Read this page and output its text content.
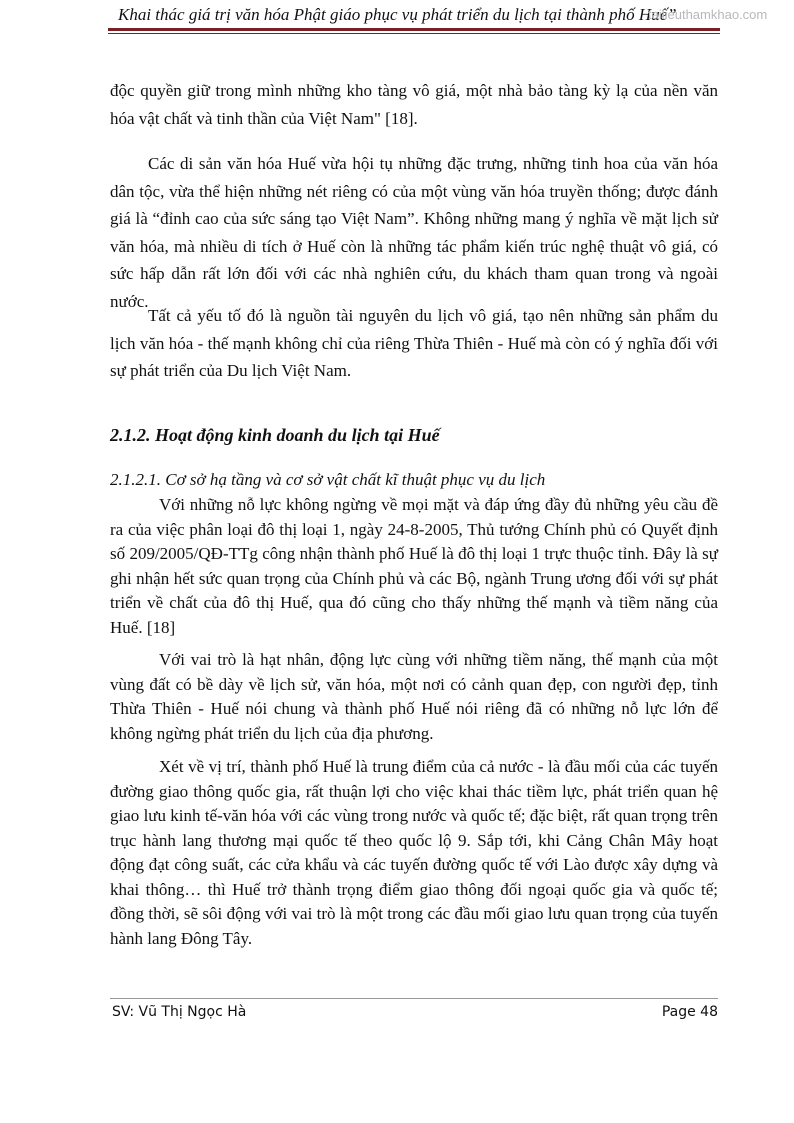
Khai thác giá trị văn hóa Phật giáo phục vụ phát triển du lịch tại thành phố Huế”
tailieuthamkhao.com
độc quyền giữ trong mình những kho tàng vô giá, một nhà bảo tàng kỳ lạ của nền văn hóa vật chất và tinh thần của Việt Nam" [18].
Các di sản văn hóa Huế vừa hội tụ những đặc trưng, những tinh hoa của văn hóa dân tộc, vừa thể hiện những nét riêng có của một vùng văn hóa truyền thống; được đánh giá là “đỉnh cao của sức sáng tạo Việt Nam”. Không những mang ý nghĩa về mặt lịch sử văn hóa, mà nhiều di tích ở Huế còn là những tác phẩm kiến trúc nghệ thuật vô giá, có sức hấp dẫn rất lớn đối với các nhà nghiên cứu, du khách tham quan trong và ngoài nước.
Tất cả yếu tố đó là nguồn tài nguyên du lịch vô giá, tạo nên những sản phẩm du lịch văn hóa - thế mạnh không chỉ của riêng Thừa Thiên - Huế mà còn có ý nghĩa đối với sự phát triển của Du lịch Việt Nam.
2.1.2. Hoạt động kinh doanh du lịch tại Huế
2.1.2.1. Cơ sở hạ tầng và cơ sở vật chất kĩ thuật phục vụ du lịch
Với những nỗ lực không ngừng về mọi mặt và đáp ứng đầy đủ những yêu cầu đề ra của việc phân loại đô thị loại 1, ngày 24-8-2005, Thủ tướng Chính phủ có Quyết định số 209/2005/QĐ-TTg công nhận thành phố Huế là đô thị loại 1 trực thuộc tỉnh. Đây là sự ghi nhận hết sức quan trọng của Chính phủ và các Bộ, ngành Trung ương đối với sự phát triển về chất của đô thị Huế, qua đó cũng cho thấy những thế mạnh và tiềm năng của Huế. [18]
Với vai trò là hạt nhân, động lực cùng với những tiềm năng, thế mạnh của một vùng đất có bề dày về lịch sử, văn hóa, một nơi có cảnh quan đẹp, con người đẹp, tỉnh Thừa Thiên - Huế nói chung và thành phố Huế nói riêng đã có những nỗ lực lớn để không ngừng phát triển du lịch của địa phương.
Xét về vị trí, thành phố Huế là trung điểm của cả nước - là đầu mối của các tuyến đường giao thông quốc gia, rất thuận lợi cho việc khai thác tiềm lực, phát triển quan hệ giao lưu kinh tế-văn hóa với các vùng trong nước và quốc tế; đặc biệt, rất quan trọng trên trục hành lang thương mại quốc tế theo quốc lộ 9. Sắp tới, khi Cảng Chân Mây hoạt động đạt công suất, các cửa khẩu và các tuyến đường quốc tế với Lào được xây dựng và khai thông… thì Huế trở thành trọng điểm giao thông đối ngoại quốc gia và quốc tế; đồng thời, sẽ sôi động với vai trò là một trong các đầu mối giao lưu quan trọng của tuyến hành lang Đông Tây.
SV: Vũ Thị Ngọc Hà	Page 48
